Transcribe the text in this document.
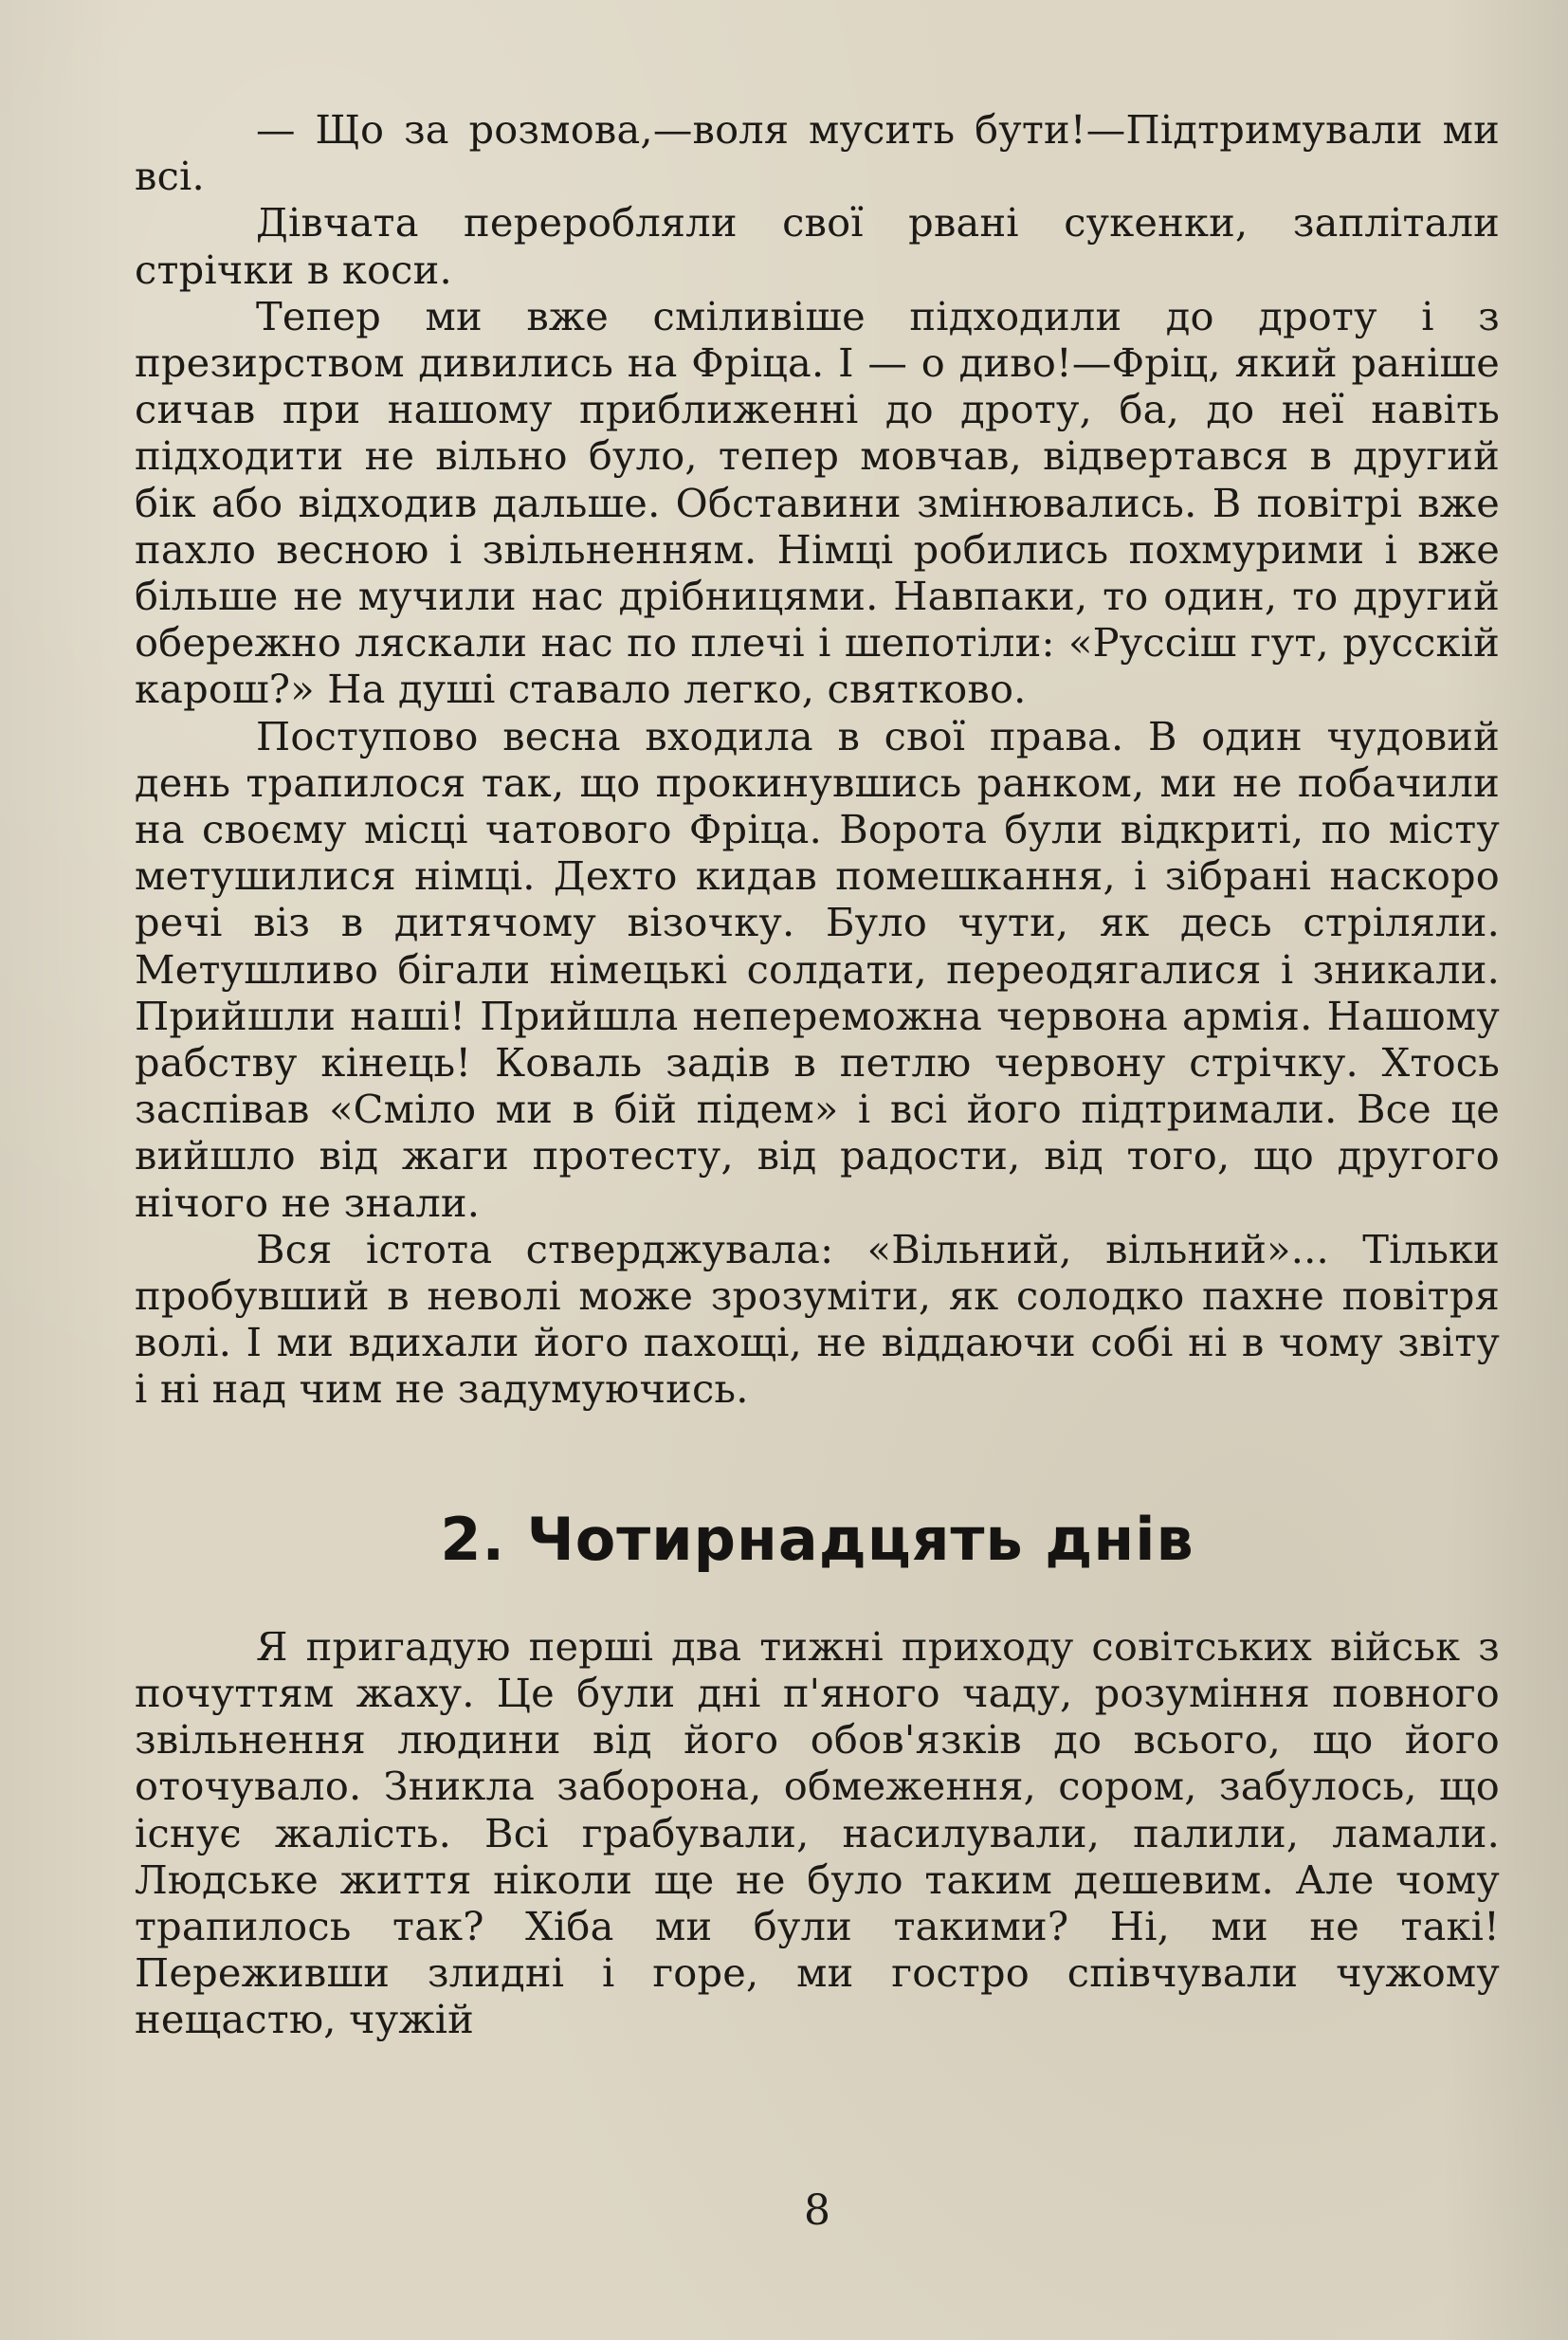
— Що за розмова,—воля мусить бути!—Підтримували ми всі.

Дівчата переробляли свої рвані сукенки, заплітали стрічки в коси.

Тепер ми вже сміливіше підходили до дроту і з презирством дивились на Фріца. І — о диво!—Фріц, який раніше сичав при нашому приближенні до дроту, ба, до неї навіть підходити не вільно було, тепер мовчав, відвертався в другий бік або відходив дальше. Обставини змінювались. В повітрі вже пахло весною і звільненням. Німці робились похмурими і вже більше не мучили нас дрібницями. Навпаки, то один, то другий обережно ляскали нас по плечі і шепотіли: «Руссіш гут, русскій карош?» На душі ставало легко, святково.

Поступово весна входила в свої права. В один чудовий день трапилося так, що прокинувшись ранком, ми не побачили на своєму місці чатового Фріца. Ворота були відкриті, по місту метушилися німці. Дехто кидав помешкання, і зібрані наскоро речі віз в дитячому візочку. Було чути, як десь стріляли. Метушливо бігали німецькі солдати, переодягалися і зникали. Прийшли наші! Прийшла непереможна червона армія. Нашому рабству кінець! Коваль задів в петлю червону стрічку. Хтось заспівав «Сміло ми в бій підем» і всі його підтримали. Все це вийшло від жаги протесту, від радости, від того, що другого нічого не знали.

Вся істота стверджувала: «Вільний, вільний»... Тільки пробувший в неволі може зрозуміти, як солодко пахне повітря волі. І ми вдихали його пахощі, не віддаючи собі ні в чому звіту і ні над чим не задумуючись.

2. Чотирнадцять днів

Я пригадую перші два тижні приходу совітських військ з почуттям жаху. Це були дні п'яного чаду, розуміння повного звільнення людини від його обов'язків до всього, що його оточувало. Зникла заборона, обмеження, сором, забулось, що існує жалість. Всі грабували, насилували, палили, ламали. Людське життя ніколи ще не було таким дешевим. Але чому трапилось так? Хіба ми були такими? Ні, ми не такі! Переживши злидні і горе, ми гостро співчували чужому нещастю, чужій

8
